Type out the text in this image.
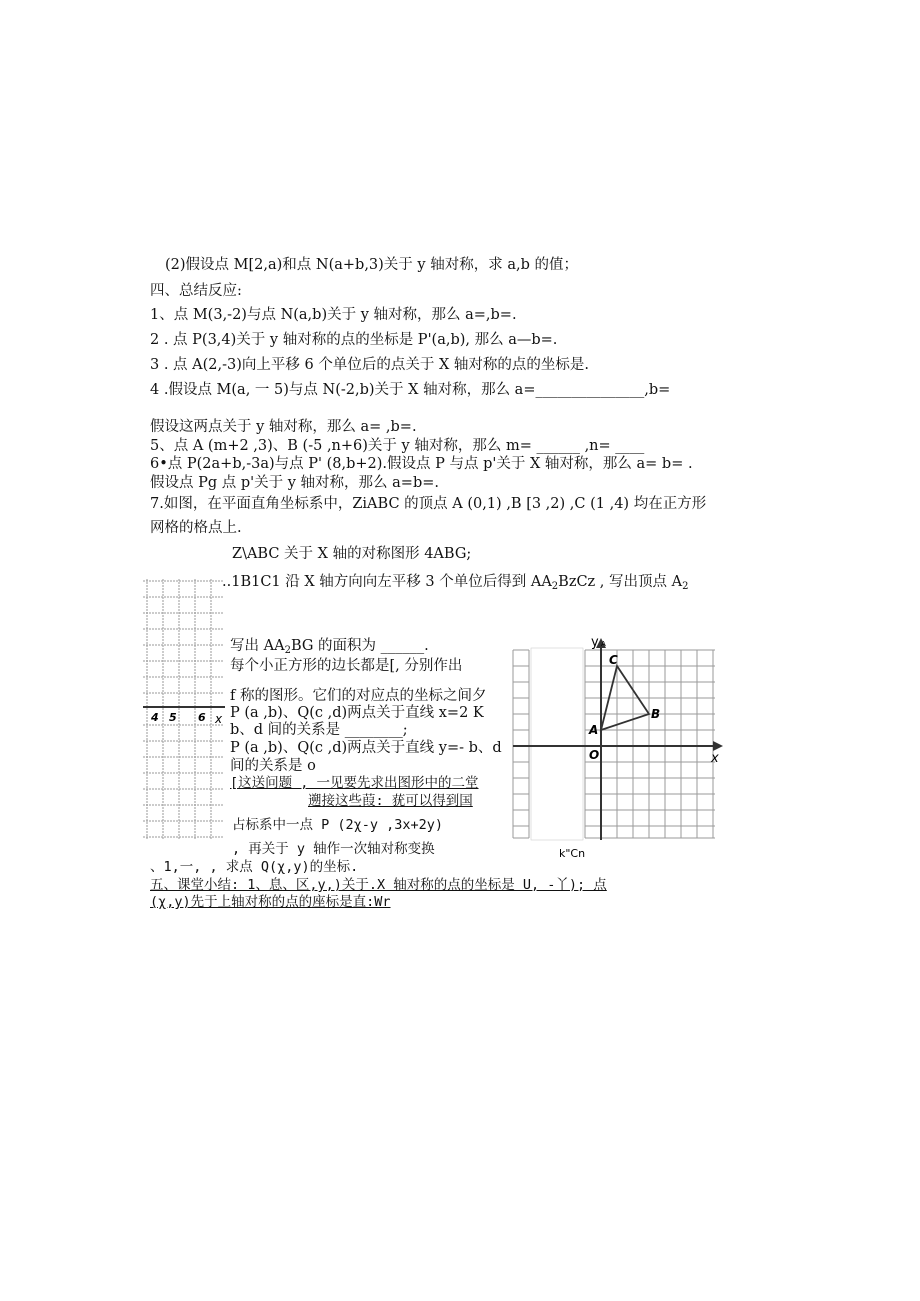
(2)假设点 M[2,a)和点 N(a+b,3)关于 y 轴对称，求 a,b 的值；
四、总结反应:
1、点 M(3,-2)与点 N(a,b)关于 y 轴对称，那么 a=,b=.
2 . 点 P(3,4)关于 y 轴对称的点的坐标是 P'(a,b), 那么 a—b=.
3 . 点 A(2,-3)向上平移 6 个单位后的点关于 X 轴对称的点的坐标是.
4 .假设点 M(a, 一 5)与点 N(-2,b)关于 X 轴对称，那么 a=_______________,b=
假设这两点关于 y 轴对称，那么 a= ,b=.
5、点 A (m+2 ,3)、B (-5 ,n+6)关于 y 轴对称，那么 m= ______ ,n= ____
6•点 P(2a+b,-3a)与点 P' (8,b+2).假设点 P 与点 p'关于 X 轴对称，那么 a= b= .
假设点 Pg 点 p'关于 y 轴对称，那么 a=b=.
7.如图，在平面直角坐标系中，ZiABC 的顶点 A (0,1) ,B [3 ,2) ,C (1 ,4) 均在正方形
网格的格点上.
Z\ABC 关于 X 轴的对称图形 4ABG;
..1B1C1 沿 X 轴方向向左平移 3 个单位后得到 $AA_2BzCz$ , 写出顶点 $A_2$
4 5 6 x
写出 $AA_2BG$ 的面积为 ______.
每个小正方形的边长都是[, 分别作出
f 称的图形。它们的对应点的坐标之间夕
P (a ,b)、Q(c ,d)两点关于直线 x=2 K
b、d 间的关系是 ________;
P (a ,b)、Q(c ,d)两点关于直线 y=- b、d
间的关系是 o
[这送问题 , 一见要先求出图形中的二堂
遡接这些葭: 莸可以得到国
占标系中一点 P (2χ-y ,3x+2y)
, 再关于 y 轴作一次轴对称变换
、1,一, , 求点 Q(χ,y)的坐标.
五、课堂小结: 1、息、区,y,)关于.X 轴对称的点的坐标是 U, -丫); 点
(χ,y)先于上轴对称的点的座标是直:Wr
y A
x
O
A
B
C
k"Cn
